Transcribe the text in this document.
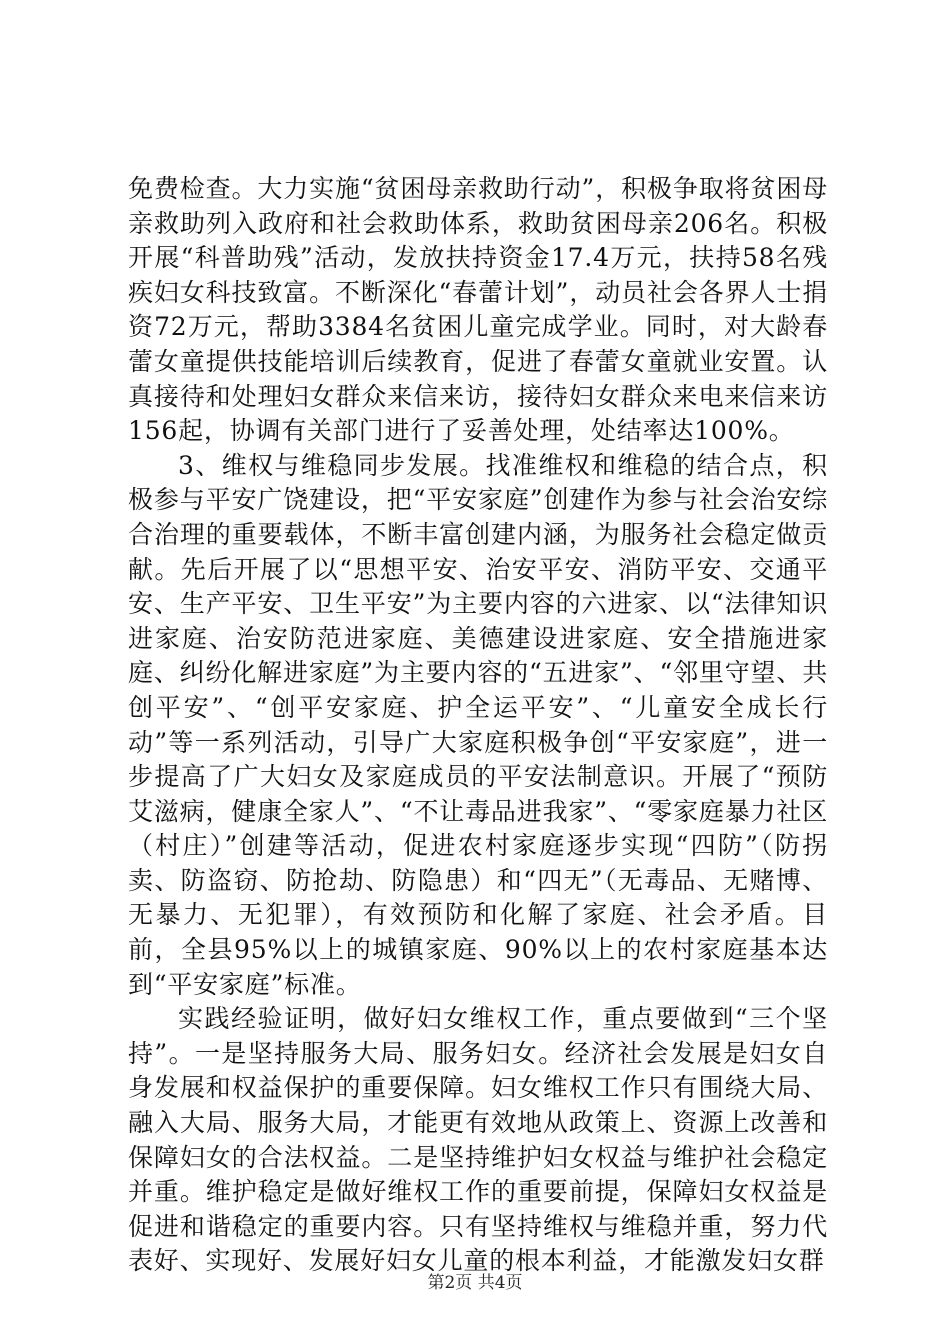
免费检查。大力实施“贫困母亲救助行动”，积极争取将贫困母亲救助列入政府和社会救助体系，救助贫困母亲206名。积极开展“科普助残”活动，发放扶持资金17.4万元，扶持58名残疾妇女科技致富。不断深化“春蕾计划”，动员社会各界人士捐资72万元，帮助3384名贫困儿童完成学业。同时，对大龄春蕾女童提供技能培训后续教育，促进了春蕾女童就业安置。认真接待和处理妇女群众来信来访，接待妇女群众来电来信来访156起，协调有关部门进行了妥善处理，处结率达100%。

3、维权与维稳同步发展。找准维权和维稳的结合点，积极参与平安广饶建设，把“平安家庭”创建作为参与社会治安综合治理的重要载体，不断丰富创建内涵，为服务社会稳定做贡献。先后开展了以“思想平安、治安平安、消防平安、交通平安、生产平安、卫生平安”为主要内容的六进家、以“法律知识进家庭、治安防范进家庭、美德建设进家庭、安全措施进家庭、纠纷化解进家庭”为主要内容的“五进家”、“邻里守望、共创平安”、“创平安家庭、护全运平安”、“儿童安全成长行动”等一系列活动，引导广大家庭积极争创“平安家庭”，进一步提高了广大妇女及家庭成员的平安法制意识。开展了“预防艾滋病，健康全家人”、“不让毒品进我家”、“零家庭暴力社区（村庄）”创建等活动，促进农村家庭逐步实现“四防”（防拐卖、防盗窃、防抢劫、防隐患）和“四无”（无毒品、无赌博、无暴力、无犯罪），有效预防和化解了家庭、社会矛盾。目前，全县95%以上的城镇家庭、90%以上的农村家庭基本达到“平安家庭”标准。

实践经验证明，做好妇女维权工作，重点要做到“三个坚持”。一是坚持服务大局、服务妇女。经济社会发展是妇女自身发展和权益保护的重要保障。妇女维权工作只有围绕大局、融入大局、服务大局，才能更有效地从政策上、资源上改善和保障妇女的合法权益。二是坚持维护妇女权益与维护社会稳定并重。维护稳定是做好维权工作的重要前提，保障妇女权益是促进和谐稳定的重要内容。只有坚持维权与维稳并重，努力代表好、实现好、发展好妇女儿童的根本利益，才能激发妇女群

第2页 共4页
